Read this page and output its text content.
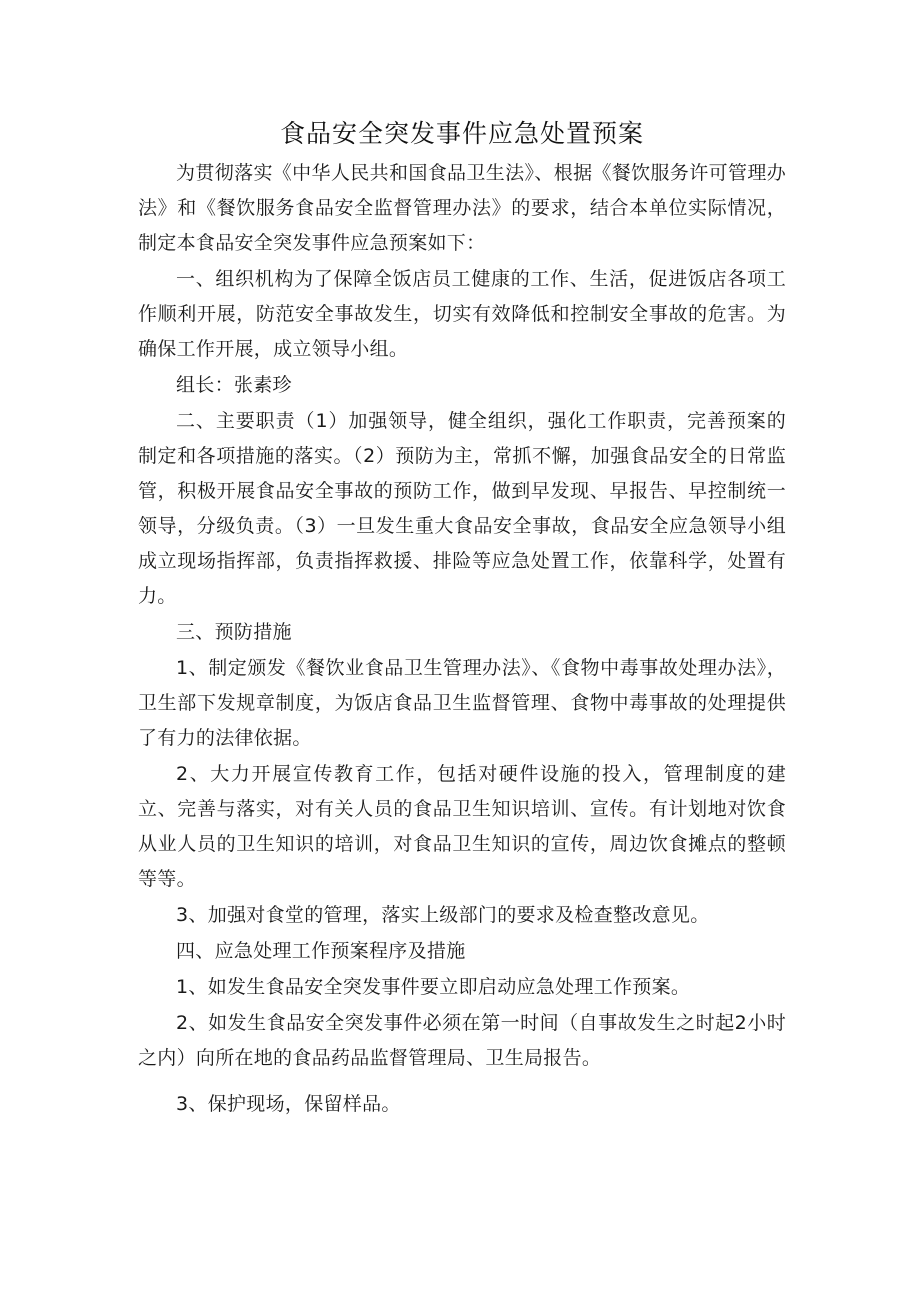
食品安全突发事件应急处置预案

为贯彻落实《中华人民共和国食品卫生法》、根据《餐饮服务许可管理办法》和《餐饮服务食品安全监督管理办法》的要求，结合本单位实际情况，制定本食品安全突发事件应急预案如下：

一、组织机构为了保障全饭店员工健康的工作、生活，促进饭店各项工作顺利开展，防范安全事故发生，切实有效降低和控制安全事故的危害。为确保工作开展，成立领导小组。

组长：张素珍

二、主要职责（1）加强领导，健全组织，强化工作职责，完善预案的制定和各项措施的落实。（2）预防为主，常抓不懈，加强食品安全的日常监管，积极开展食品安全事故的预防工作，做到早发现、早报告、早控制统一领导，分级负责。（3）一旦发生重大食品安全事故，食品安全应急领导小组成立现场指挥部，负责指挥救援、排险等应急处置工作，依靠科学，处置有力。

三、预防措施

1、制定颁发《餐饮业食品卫生管理办法》、《食物中毒事故处理办法》，卫生部下发规章制度，为饭店食品卫生监督管理、食物中毒事故的处理提供了有力的法律依据。

2、大力开展宣传教育工作，包括对硬件设施的投入，管理制度的建立、完善与落实，对有关人员的食品卫生知识培训、宣传。有计划地对饮食从业人员的卫生知识的培训，对食品卫生知识的宣传，周边饮食摊点的整顿等等。

3、加强对食堂的管理，落实上级部门的要求及检查整改意见。

四、应急处理工作预案程序及措施

1、如发生食品安全突发事件要立即启动应急处理工作预案。

2、如发生食品安全突发事件必须在第一时间（自事故发生之时起2小时之内）向所在地的食品药品监督管理局、卫生局报告。

3、保护现场，保留样品。
